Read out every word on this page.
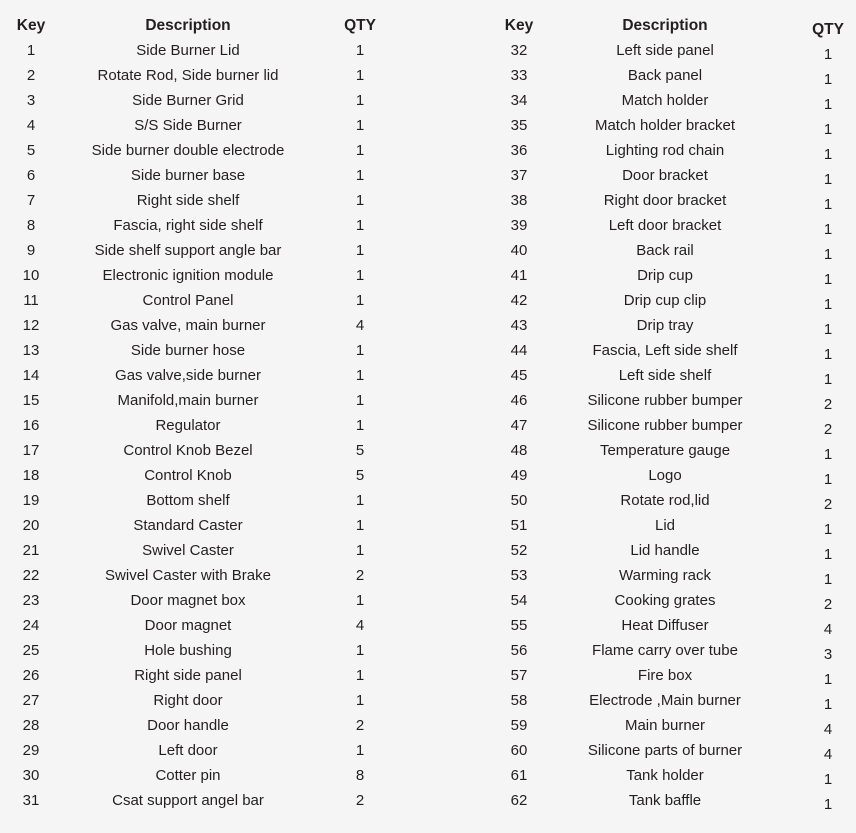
Key	Description	QTY
1	Side Burner Lid	1
2	Rotate Rod, Side burner lid	1
3	Side Burner Grid	1
4	S/S Side Burner	1
5	Side burner double electrode	1
6	Side burner base	1
7	Right side shelf	1
8	Fascia, right side shelf	1
9	Side shelf support angle bar	1
10	Electronic ignition module	1
11	Control Panel	1
12	Gas valve, main burner	4
13	Side burner hose	1
14	Gas valve,side burner	1
15	Manifold,main burner	1
16	Regulator	1
17	Control Knob Bezel	5
18	Control Knob	5
19	Bottom shelf	1
20	Standard Caster	1
21	Swivel Caster	1
22	Swivel Caster with Brake	2
23	Door magnet box	1
24	Door magnet	4
25	Hole bushing	1
26	Right side panel	1
27	Right door	1
28	Door handle	2
29	Left door	1
30	Cotter pin	8
31	Csat support angel bar	2
Key	Description	QTY
32	Left side panel	1
33	Back panel	1
34	Match holder	1
35	Match holder bracket	1
36	Lighting rod chain	1
37	Door bracket	1
38	Right door bracket	1
39	Left door bracket	1
40	Back rail	1
41	Drip cup	1
42	Drip cup clip	1
43	Drip tray	1
44	Fascia, Left side shelf	1
45	Left side shelf	1
46	Silicone rubber bumper	2
47	Silicone rubber bumper	2
48	Temperature gauge	1
49	Logo	1
50	Rotate rod,lid	2
51	Lid	1
52	Lid handle	1
53	Warming rack	1
54	Cooking grates	2
55	Heat Diffuser	4
56	Flame carry over tube	3
57	Fire box	1
58	Electrode ,Main burner	1
59	Main burner	4
60	Silicone parts of burner	4
61	Tank holder	1
62	Tank baffle	1
